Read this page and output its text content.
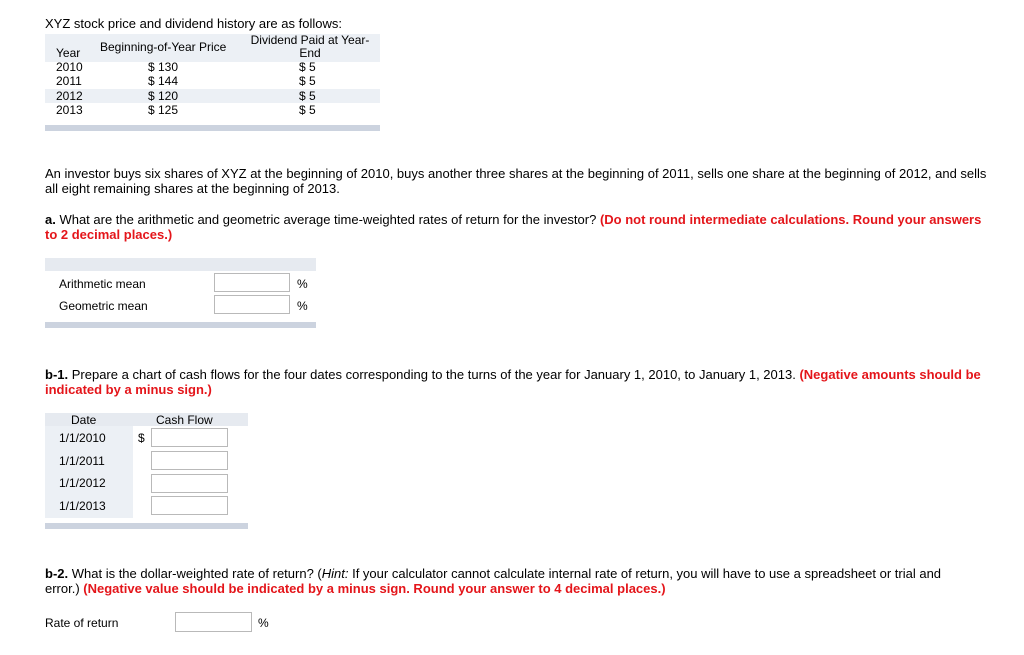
XYZ stock price and dividend history are as follows:
Year Beginning-of-Year Price	Dividend Paid at Year-
End
2010	$ 130	$ 5
2011	$ 144	$ 5
2012	$ 120	$ 5
2013	$ 125	$ 5
An investor buys six shares of XYZ at the beginning of 2010, buys another three shares at the beginning of 2011, sells one share at the beginning of 2012, and sells
all eight remaining shares at the beginning of 2013.
a. What are the arithmetic and geometric average time-weighted rates of return for the investor? (Do not round intermediate calculations. Round your answers
to 2 decimal places.)
Arithmetic mean	%
Geometric mean	%
b-1. Prepare a chart of cash flows for the four dates corresponding to the turns of the year for January 1, 2010, to January 1, 2013. (Negative amounts should be
indicated by a minus sign.)
Date	Cash Flow
1/1/2010	$
1/1/2011
1/1/2012
1/1/2013
b-2. What is the dollar-weighted rate of return? (Hint: If your calculator cannot calculate internal rate of return, you will have to use a spreadsheet or trial and
error.) (Negative value should be indicated by a minus sign. Round your answer to 4 decimal places.)
Rate of return	%
